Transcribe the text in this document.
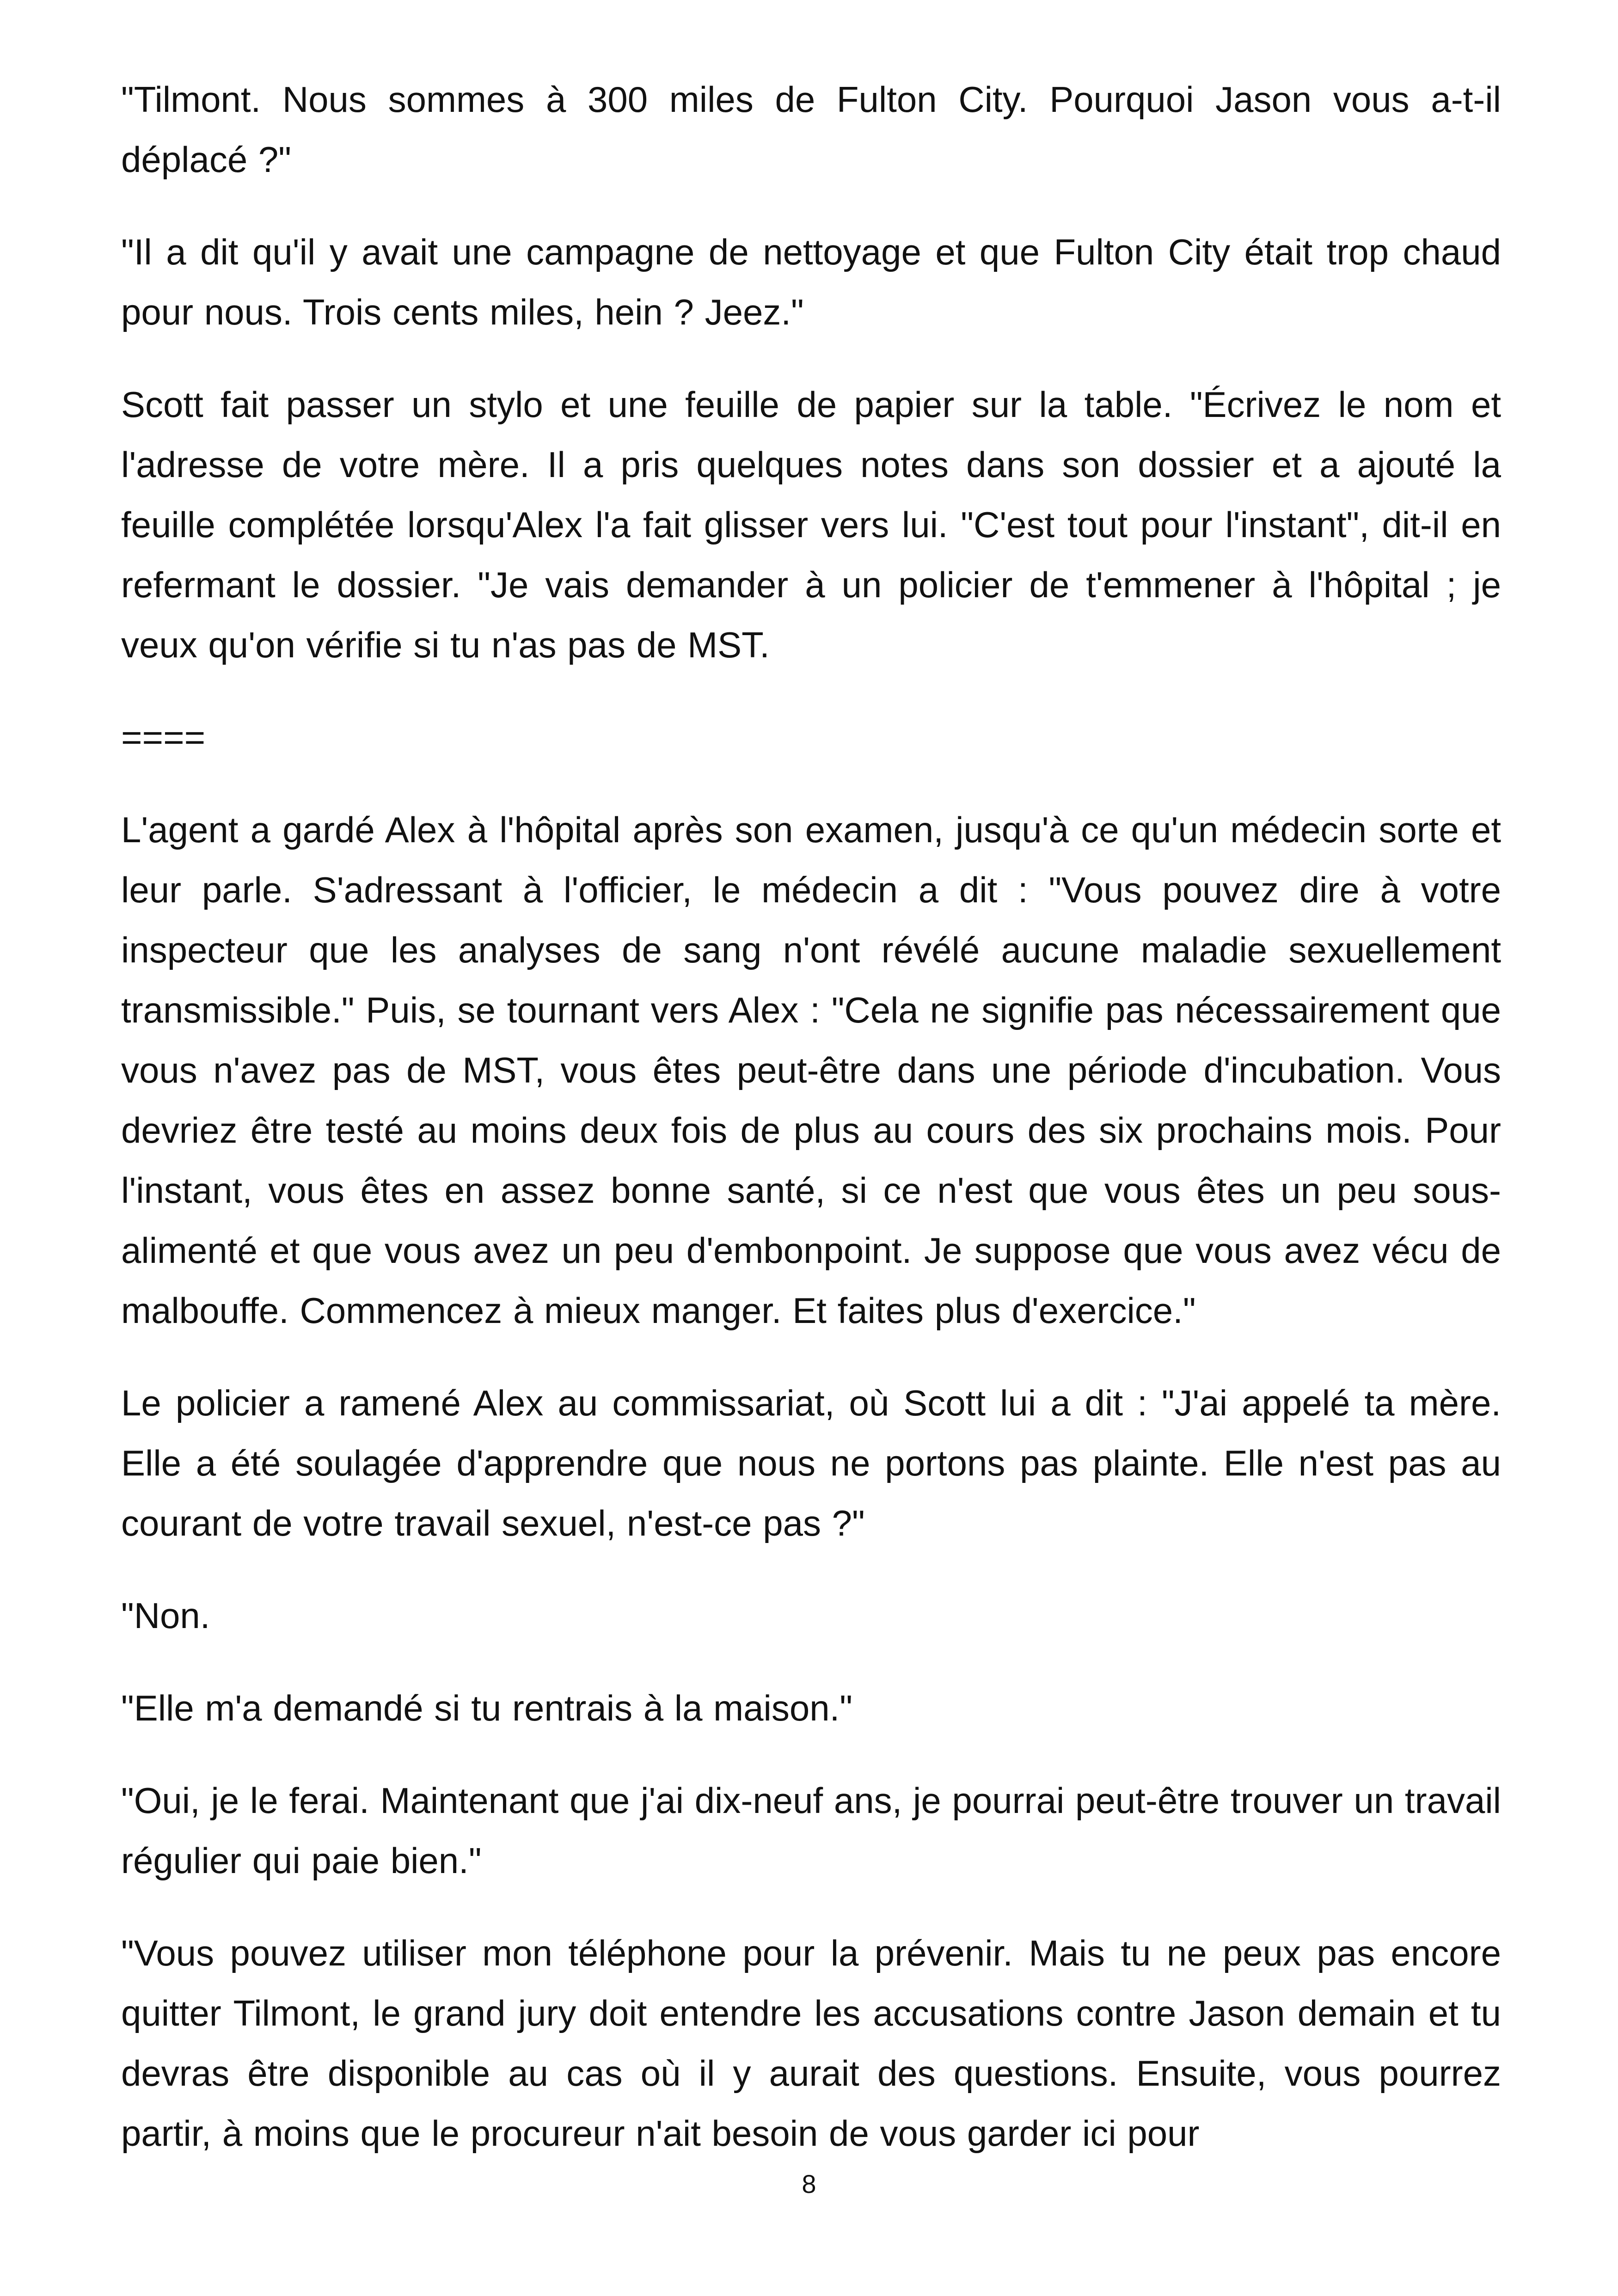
"Tilmont. Nous sommes à 300 miles de Fulton City. Pourquoi Jason vous a-t-il déplacé ?"

"Il a dit qu'il y avait une campagne de nettoyage et que Fulton City était trop chaud pour nous. Trois cents miles, hein ? Jeez."

Scott fait passer un stylo et une feuille de papier sur la table. "Écrivez le nom et l'adresse de votre mère. Il a pris quelques notes dans son dossier et a ajouté la feuille complétée lorsqu'Alex l'a fait glisser vers lui. "C'est tout pour l'instant", dit-il en refermant le dossier. "Je vais demander à un policier de t'emmener à l'hôpital ; je veux qu'on vérifie si tu n'as pas de MST.

====

L'agent a gardé Alex à l'hôpital après son examen, jusqu'à ce qu'un médecin sorte et leur parle. S'adressant à l'officier, le médecin a dit : "Vous pouvez dire à votre inspecteur que les analyses de sang n'ont révélé aucune maladie sexuellement transmissible." Puis, se tournant vers Alex : "Cela ne signifie pas nécessairement que vous n'avez pas de MST, vous êtes peut-être dans une période d'incubation. Vous devriez être testé au moins deux fois de plus au cours des six prochains mois. Pour l'instant, vous êtes en assez bonne santé, si ce n'est que vous êtes un peu sous-alimenté et que vous avez un peu d'embonpoint. Je suppose que vous avez vécu de malbouffe. Commencez à mieux manger. Et faites plus d'exercice."

Le policier a ramené Alex au commissariat, où Scott lui a dit : "J'ai appelé ta mère. Elle a été soulagée d'apprendre que nous ne portons pas plainte. Elle n'est pas au courant de votre travail sexuel, n'est-ce pas ?"

"Non.

"Elle m'a demandé si tu rentrais à la maison."

"Oui, je le ferai. Maintenant que j'ai dix-neuf ans, je pourrai peut-être trouver un travail régulier qui paie bien."

"Vous pouvez utiliser mon téléphone pour la prévenir. Mais tu ne peux pas encore quitter Tilmont, le grand jury doit entendre les accusations contre Jason demain et tu devras être disponible au cas où il y aurait des questions. Ensuite, vous pourrez partir, à moins que le procureur n'ait besoin de vous garder ici pour

8
